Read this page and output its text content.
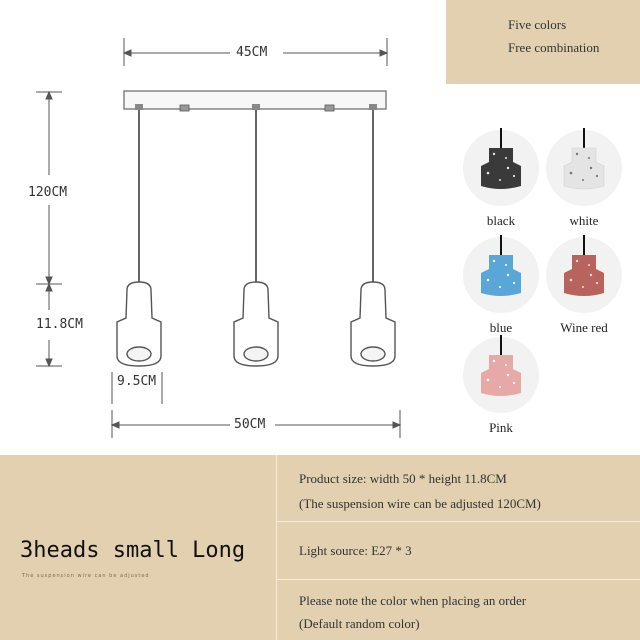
45CM
120CM
11.8CM
9.5CM
50CM
Five colors
Free combination
black	white
blue	Wine red
Pink
3heads small Long
The suspension wire can be adjusted
Product size: width 50 * height 11.8CM
(The suspension wire can be adjusted 120CM)
Light source: E27 * 3
Please note the color when placing an order
(Default random color)
